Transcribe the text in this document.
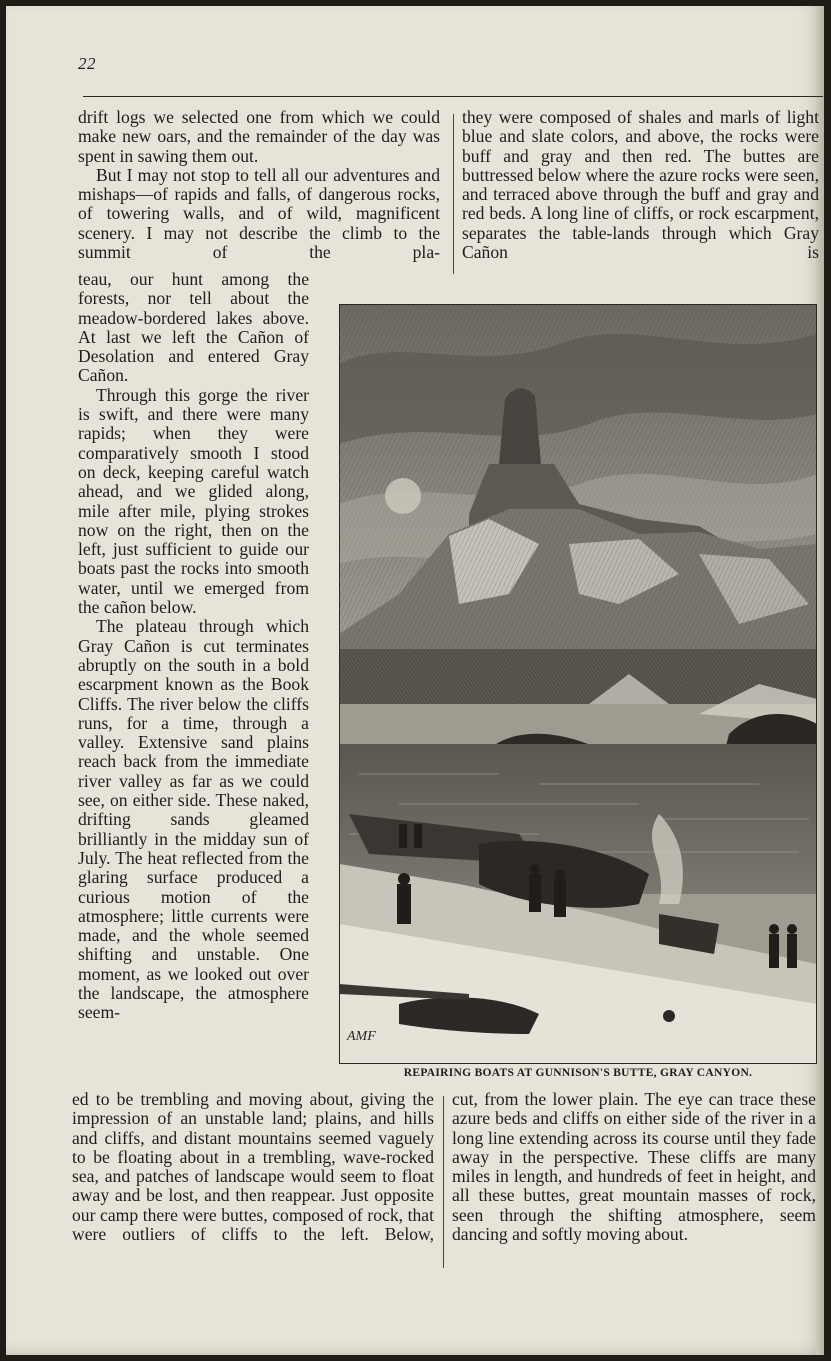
22

drift logs we selected one from which we could make new oars, and the remainder of the day was spent in sawing them out.

But I may not stop to tell all our adventures and mishaps—of rapids and falls, of dangerous rocks, of towering walls, and of wild, magnificent scenery. I may not describe the climb to the summit of the pla-

they were composed of shales and marls of light blue and slate colors, and above, the rocks were buff and gray and then red. The buttes are buttressed below where the azure rocks were seen, and terraced above through the buff and gray and red beds. A long line of cliffs, or rock escarpment, separates the table-lands through which Gray Cañon is

teau, our hunt among the forests, nor tell about the meadow-bordered lakes above. At last we left the Cañon of Desolation and entered Gray Cañon.

Through this gorge the river is swift, and there were many rapids; when they were comparatively smooth I stood on deck, keeping careful watch ahead, and we glided along, mile after mile, plying strokes now on the right, then on the left, just sufficient to guide our boats past the rocks into smooth water, until we emerged from the cañon below.

The plateau through which Gray Cañon is cut terminates abruptly on the south in a bold escarpment known as the Book Cliffs. The river below the cliffs runs, for a time, through a valley. Extensive sand plains reach back from the immediate river valley as far as we could see, on either side. These naked, drifting sands gleamed brilliantly in the midday sun of July. The heat reflected from the glaring surface produced a curious motion of the atmosphere; little currents were made, and the whole seemed shifting and unstable. One moment, as we looked out over the landscape, the atmosphere seem-

AMF
REPAIRING BOATS AT GUNNISON'S BUTTE, GRAY CANYON.

ed to be trembling and moving about, giving the impression of an unstable land; plains, and hills and cliffs, and distant mountains seemed vaguely to be floating about in a trembling, wave-rocked sea, and patches of landscape would seem to float away and be lost, and then reappear. Just opposite our camp there were buttes, composed of rock, that were outliers of cliffs to the left. Below,

cut, from the lower plain. The eye can trace these azure beds and cliffs on either side of the river in a long line extending across its course until they fade away in the perspective. These cliffs are many miles in length, and hundreds of feet in height, and all these buttes, great mountain masses of rock, seen through the shifting atmosphere, seem dancing and softly moving about.
